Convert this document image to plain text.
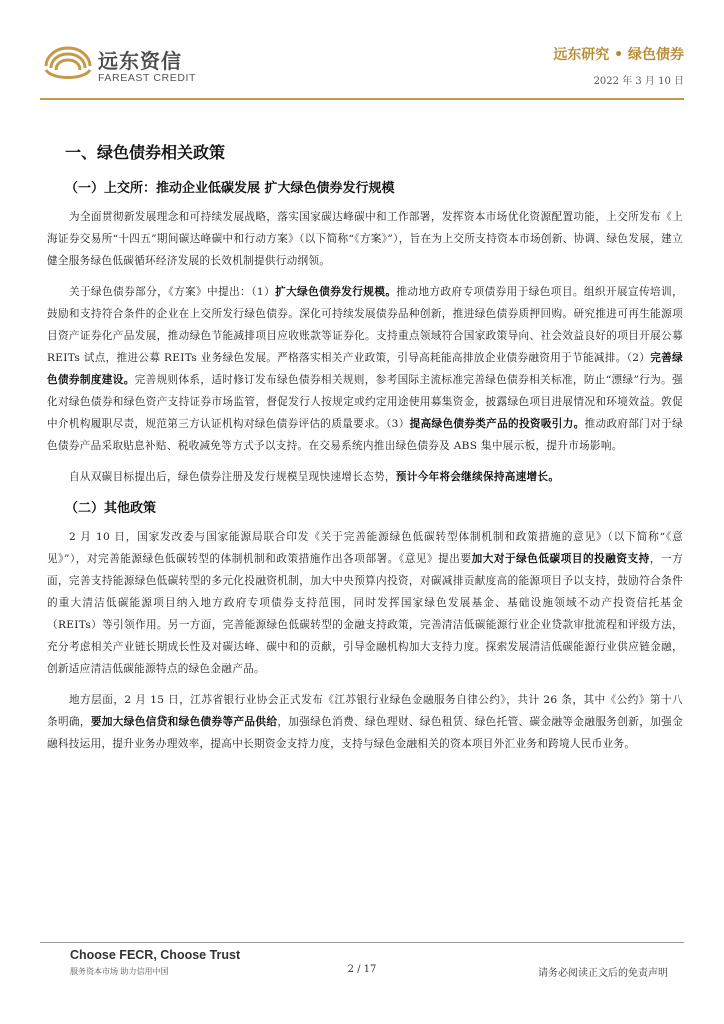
远东资信
FAREAST CREDIT
远东研究 • 绿色债券
2022 年 3 月 10 日
一、绿色债券相关政策
（一）上交所：推动企业低碳发展 扩大绿色债券发行规模

为全面贯彻新发展理念和可持续发展战略，落实国家碳达峰碳中和工作部署，发挥资本市场优化资源配置功能，上交所发布《上海证券交易所“十四五”期间碳达峰碳中和行动方案》（以下简称“《方案》”），旨在为上交所支持资本市场创新、协调、绿色发展，建立健全服务绿色低碳循环经济发展的长效机制提供行动纲领。

关于绿色债券部分，《方案》中提出：（1）扩大绿色债券发行规模。推动地方政府专项债券用于绿色项目。组织开展宣传培训，鼓励和支持符合条件的企业在上交所发行绿色债券。深化可持续发展债券品种创新，推进绿色债券质押回购。研究推进可再生能源项目资产证券化产品发展，推动绿色节能减排项目应收账款等证券化。支持重点领域符合国家政策导向、社会效益良好的项目开展公募 REITs 试点，推进公募 REITs 业务绿色发展。严格落实相关产业政策，引导高耗能高排放企业债券融资用于节能减排。（2）完善绿色债券制度建设。完善规则体系，适时修订发布绿色债券相关规则，参考国际主流标准完善绿色债券相关标准，防止“漂绿”行为。强化对绿色债券和绿色资产支持证券市场监管，督促发行人按规定或约定用途使用募集资金，披露绿色项目进展情况和环境效益。敦促中介机构履职尽责，规范第三方认证机构对绿色债券评估的质量要求。（3）提高绿色债券类产品的投资吸引力。推动政府部门对于绿色债券产品采取贴息补贴、税收减免等方式予以支持。在交易系统内推出绿色债券及 ABS 集中展示板，提升市场影响。

自从双碳目标提出后，绿色债券注册及发行规模呈现快速增长态势，预计今年将会继续保持高速增长。

（二）其他政策

2 月 10 日，国家发改委与国家能源局联合印发《关于完善能源绿色低碳转型体制机制和政策措施的意见》（以下简称“《意见》”），对完善能源绿色低碳转型的体制机制和政策措施作出各项部署。《意见》提出要加大对于绿色低碳项目的投融资支持，一方面，完善支持能源绿色低碳转型的多元化投融资机制，加大中央预算内投资，对碳减排贡献度高的能源项目予以支持，鼓励符合条件的重大清洁低碳能源项目纳入地方政府专项债券支持范围，同时发挥国家绿色发展基金、基础设施领域不动产投资信托基金（REITs）等引领作用。另一方面，完善能源绿色低碳转型的金融支持政策，完善清洁低碳能源行业企业贷款审批流程和评级方法，充分考虑相关产业链长期成长性及对碳达峰、碳中和的贡献，引导金融机构加大支持力度。探索发展清洁低碳能源行业供应链金融，创新适应清洁低碳能源特点的绿色金融产品。

地方层面，2 月 15 日，江苏省银行业协会正式发布《江苏银行业绿色金融服务自律公约》，共计 26 条，其中《公约》第十八条明确，要加大绿色信贷和绿色债券等产品供给，加强绿色消费、绿色理财、绿色租赁、绿色托管、碳金融等金融服务创新，加强金融科技运用，提升业务办理效率，提高中长期资金支持力度，支持与绿色金融相关的资本项目外汇业务和跨境人民币业务。

Choose FECR, Choose Trust
服务资本市场 助力信用中国	2 / 17	请务必阅读正文后的免责声明
